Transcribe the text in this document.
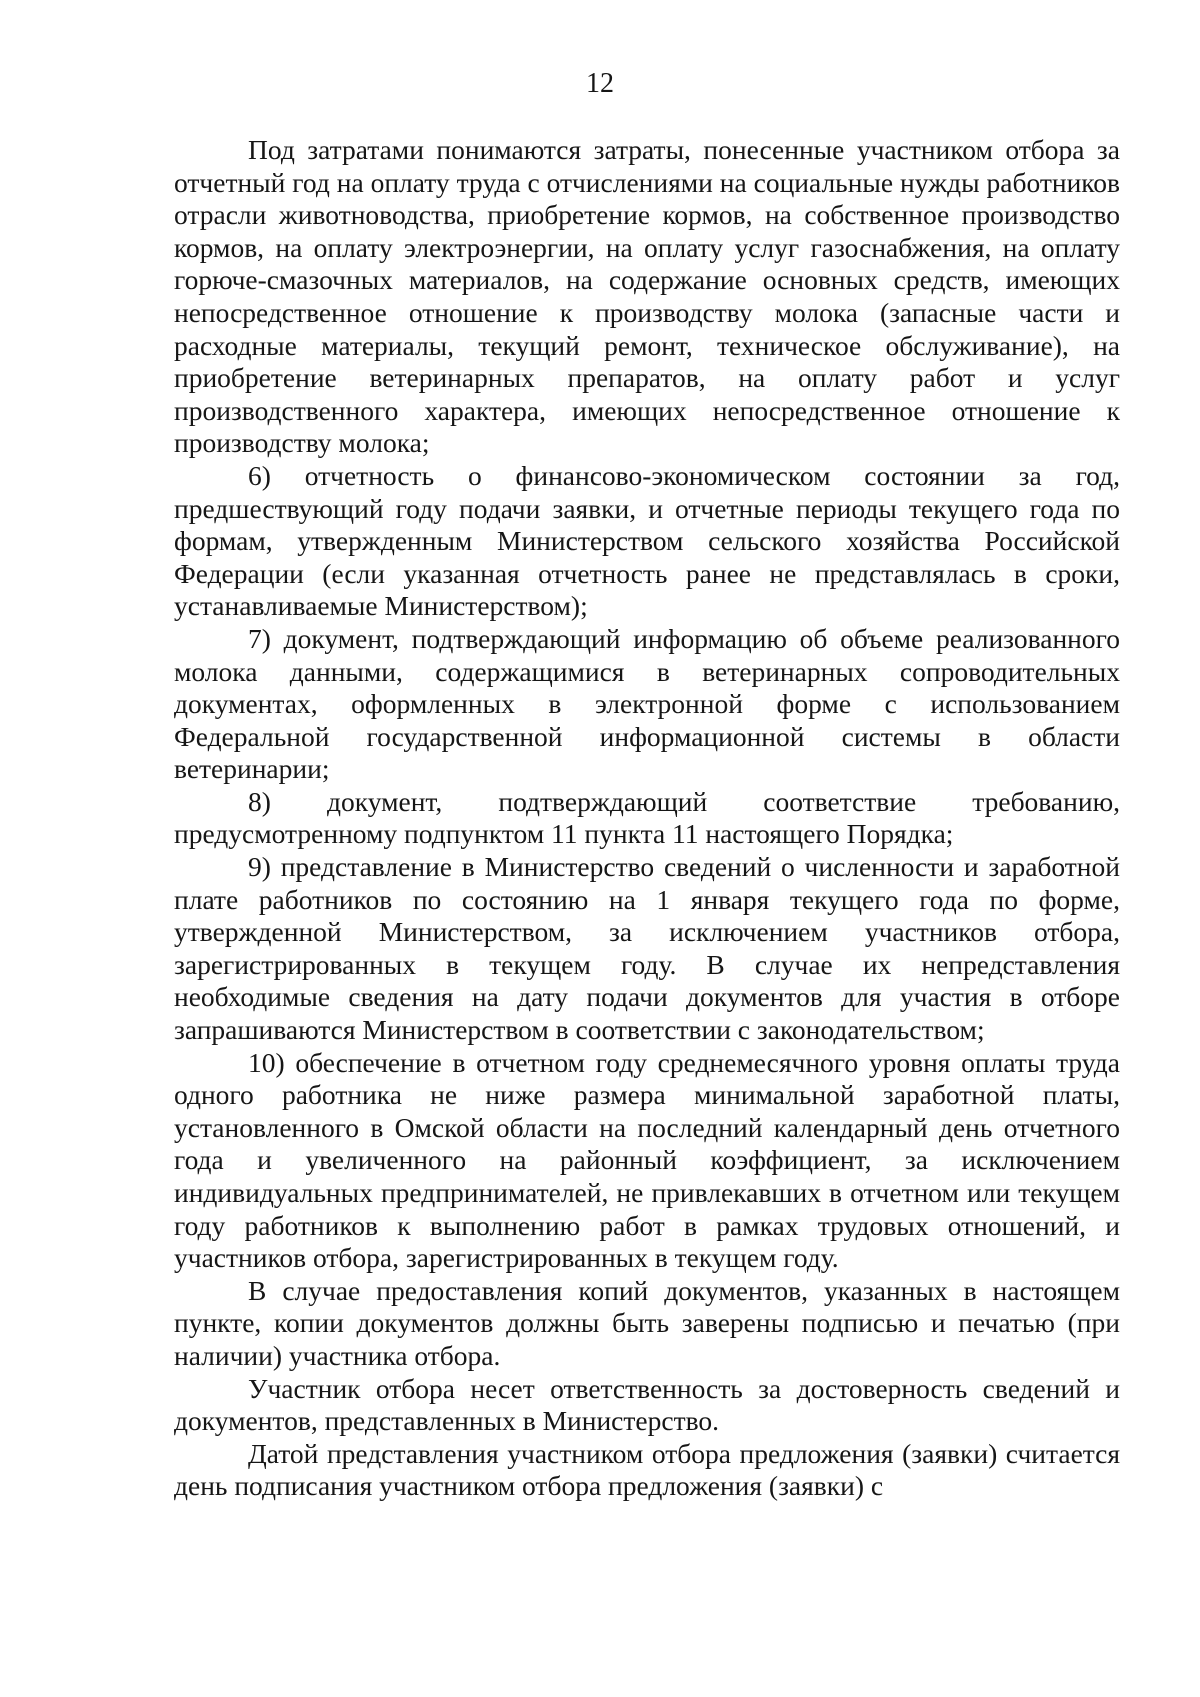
12

Под затратами понимаются затраты, понесенные участником отбора за отчетный год на оплату труда с отчислениями на социальные нужды работников отрасли животноводства, приобретение кормов, на собственное производство кормов, на оплату электроэнергии, на оплату услуг газоснабжения, на оплату горюче-смазочных материалов, на содержание основных средств, имеющих непосредственное отношение к производству молока (запасные части и расходные материалы, текущий ремонт, техническое обслуживание), на приобретение ветеринарных препаратов, на оплату работ и услуг производственного характера, имеющих непосредственное отношение к производству молока;

6) отчетность о финансово-экономическом состоянии за год, предшествующий году подачи заявки, и отчетные периоды текущего года по формам, утвержденным Министерством сельского хозяйства Российской Федерации (если указанная отчетность ранее не представлялась в сроки, устанавливаемые Министерством);

7) документ, подтверждающий информацию об объеме реализованного молока данными, содержащимися в ветеринарных сопроводительных документах, оформленных в электронной форме с использованием Федеральной государственной информационной системы в области ветеринарии;

8) документ, подтверждающий соответствие требованию, предусмотренному подпунктом 11 пункта 11 настоящего Порядка;

9) представление в Министерство сведений о численности и заработной плате работников по состоянию на 1 января текущего года по форме, утвержденной Министерством, за исключением участников отбора, зарегистрированных в текущем году. В случае их непредставления необходимые сведения на дату подачи документов для участия в отборе запрашиваются Министерством в соответствии с законодательством;

10) обеспечение в отчетном году среднемесячного уровня оплаты труда одного работника не ниже размера минимальной заработной платы, установленного в Омской области на последний календарный день отчетного года и увеличенного на районный коэффициент, за исключением индивидуальных предпринимателей, не привлекавших в отчетном или текущем году работников к выполнению работ в рамках трудовых отношений, и участников отбора, зарегистрированных в текущем году.

В случае предоставления копий документов, указанных в настоящем пункте, копии документов должны быть заверены подписью и печатью (при наличии) участника отбора.

Участник отбора несет ответственность за достоверность сведений и документов, представленных в Министерство.

Датой представления участником отбора предложения (заявки) считается день подписания участником отбора предложения (заявки) с
